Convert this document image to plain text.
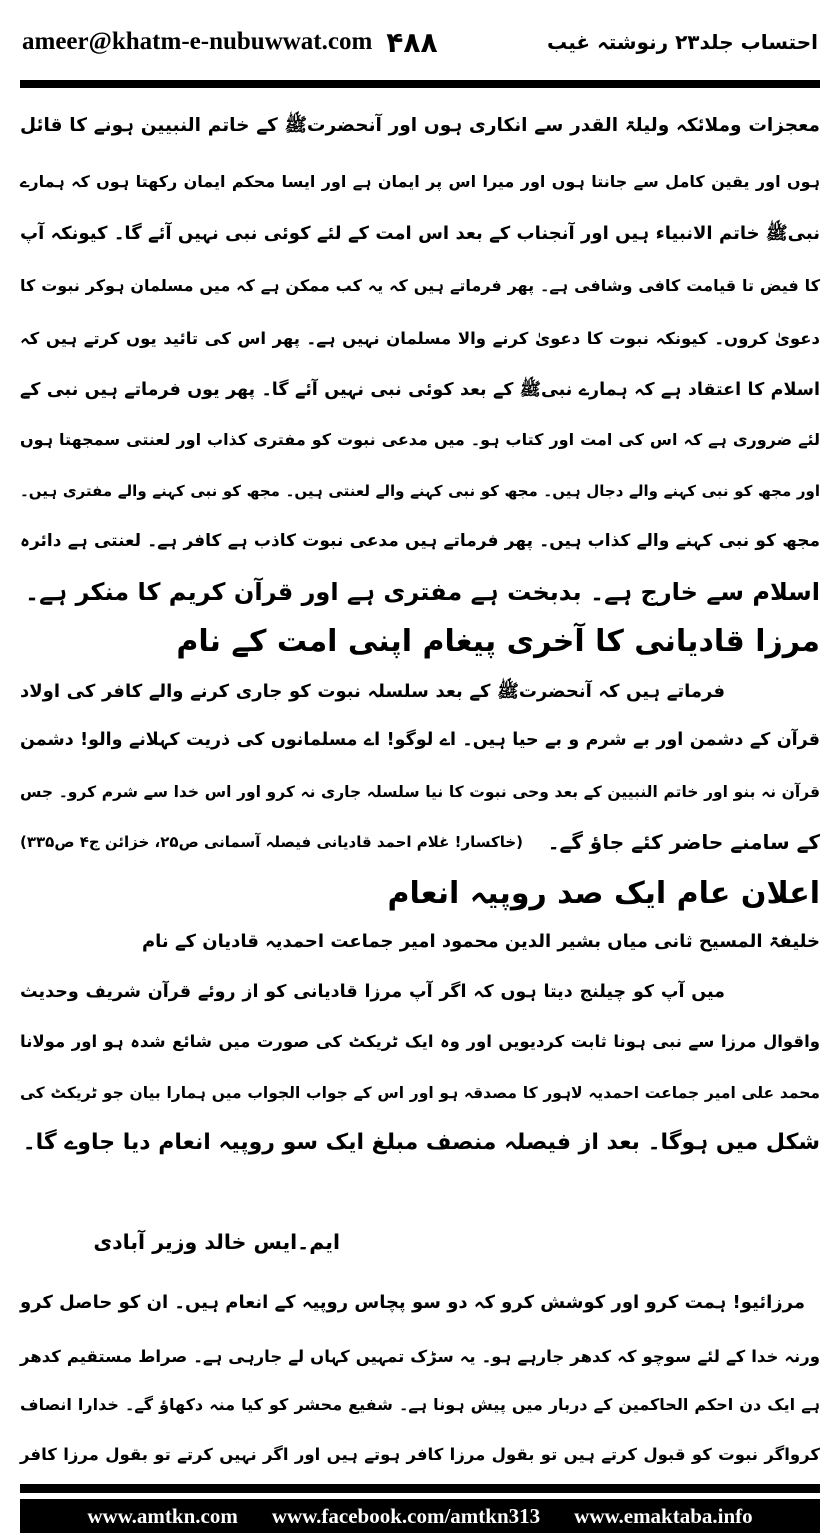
ameer@khatm-e-nubuwwat.com ۴۸۸	احتساب جلد۲۳ رنوشتہ غیب
معجزات وملائکہ ولیلۃ القدر سے انکاری ہوں اور آنحضرتﷺ کے خاتم النبیین ہونے کا قائل
ہوں اور یقین کامل سے جانتا ہوں اور میرا اس پر ایمان ہے اور ایسا محکم ایمان رکھتا ہوں کہ ہمارے
نبیﷺ خاتم الانبیاء ہیں اور آنجناب کے بعد اس امت کے لئے کوئی نبی نہیں آئے گا۔ کیونکہ آپ
کا فیض تا قیامت کافی وشافی ہے۔ پھر فرماتے ہیں کہ یہ کب ممکن ہے کہ میں مسلمان ہوکر نبوت کا
دعویٰ کروں۔ کیونکہ نبوت کا دعویٰ کرنے والا مسلمان نہیں ہے۔ پھر اس کی تائید یوں کرتے ہیں کہ
اسلام کا اعتقاد ہے کہ ہمارے نبیﷺ کے بعد کوئی نبی نہیں آئے گا۔ پھر یوں فرماتے ہیں نبی کے
لئے ضروری ہے کہ اس کی امت اور کتاب ہو۔ میں مدعی نبوت کو مفتری کذاب اور لعنتی سمجھتا ہوں
اور مجھ کو نبی کہنے والے دجال ہیں۔ مجھ کو نبی کہنے والے لعنتی ہیں۔ مجھ کو نبی کہنے والے مفتری ہیں۔
مجھ کو نبی کہنے والے کذاب ہیں۔ پھر فرماتے ہیں مدعی نبوت کاذب ہے کافر ہے۔ لعنتی ہے دائرہ
اسلام سے خارج ہے۔ بدبخت ہے مفتری ہے اور قرآن کریم کا منکر ہے۔
مرزا قادیانی کا آخری پیغام اپنی امت کے نام
فرماتے ہیں کہ آنحضرتﷺ کے بعد سلسلہ نبوت کو جاری کرنے والے کافر کی اولاد
قرآن کے دشمن اور بے شرم و بے حیا ہیں۔ اے لوگو! اے مسلمانوں کی ذریت کہلانے والو! دشمن
قرآن نہ بنو اور خاتم النبیین کے بعد وحی نبوت کا نیا سلسلہ جاری نہ کرو اور اس خدا سے شرم کرو۔ جس
کے سامنے حاضر کئے جاؤ گے۔
(خاکسار! غلام احمد قادیانی فیصلہ آسمانی ص۲۵، خزائن ج۴ ص۳۳۵)
اعلان عام ایک صد روپیہ انعام
خلیفۃ المسیح ثانی میاں بشیر الدین محمود امیر جماعت احمدیہ قادیان کے نام
میں آپ کو چیلنج دیتا ہوں کہ اگر آپ مرزا قادیانی کو از روئے قرآن شریف وحدیث
واقوال مرزا سے نبی ہونا ثابت کردیویں اور وہ ایک ٹریکٹ کی صورت میں شائع شدہ ہو اور مولانا
محمد علی امیر جماعت احمدیہ لاہور کا مصدقہ ہو اور اس کے جواب الجواب میں ہمارا بیان جو ٹریکٹ کی
شکل میں ہوگا۔ بعد از فیصلہ منصف مبلغ ایک سو روپیہ انعام دیا جاوے گا۔
ایم۔ایس خالد وزیر آبادی
مرزائیو! ہمت کرو اور کوشش کرو کہ دو سو پچاس روپیہ کے انعام ہیں۔ ان کو حاصل کرو
ورنہ خدا کے لئے سوچو کہ کدھر جارہے ہو۔ یہ سڑک تمہیں کہاں لے جارہی ہے۔ صراط مستقیم کدھر
ہے ایک دن احکم الحاکمین کے دربار میں پیش ہونا ہے۔ شفیع محشر کو کیا منہ دکھاؤ گے۔ خدارا انصاف
کرواگر نبوت کو قبول کرتے ہیں تو بقول مرزا کافر ہوتے ہیں اور اگر نہیں کرتے تو بقول مرزا کافر
www.amtkn.com www.facebook.com/amtkn313 www.emaktaba.info
